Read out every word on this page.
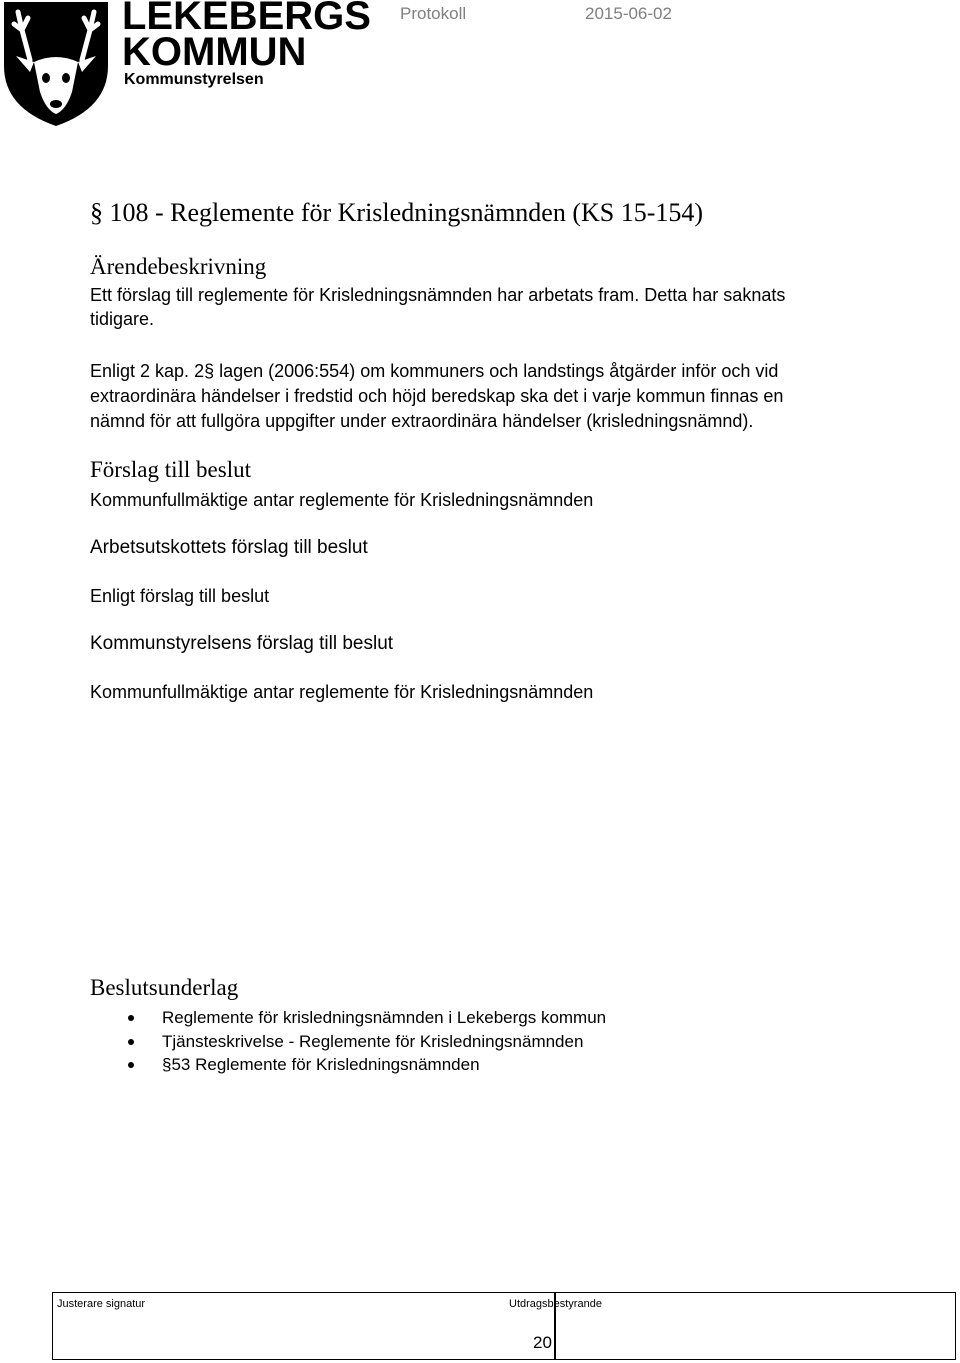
LEKEBERGS
KOMMUN
Kommunstyrelsen
Protokoll	2015-06-02
§ 108 - Reglemente för Krisledningsnämnden (KS 15-154)
Ärendebeskrivning
Ett förslag till reglemente för Krisledningsnämnden har arbetats fram. Detta har saknats
tidigare.
Enligt 2 kap. 2§ lagen (2006:554) om kommuners och landstings åtgärder inför och vid
extraordinära händelser i fredstid och höjd beredskap ska det i varje kommun finnas en
nämnd för att fullgöra uppgifter under extraordinära händelser (krisledningsnämnd).
Förslag till beslut
Kommunfullmäktige antar reglemente för Krisledningsnämnden
Arbetsutskottets förslag till beslut
Enligt förslag till beslut
Kommunstyrelsens förslag till beslut
Kommunfullmäktige antar reglemente för Krisledningsnämnden
Beslutsunderlag
Reglemente för krisledningsnämnden i Lekebergs kommun
Tjänsteskrivelse - Reglemente för Krisledningsnämnden
§53 Reglemente för Krisledningsnämnden
Justerare signatur	Utdragsbestyrande
20
